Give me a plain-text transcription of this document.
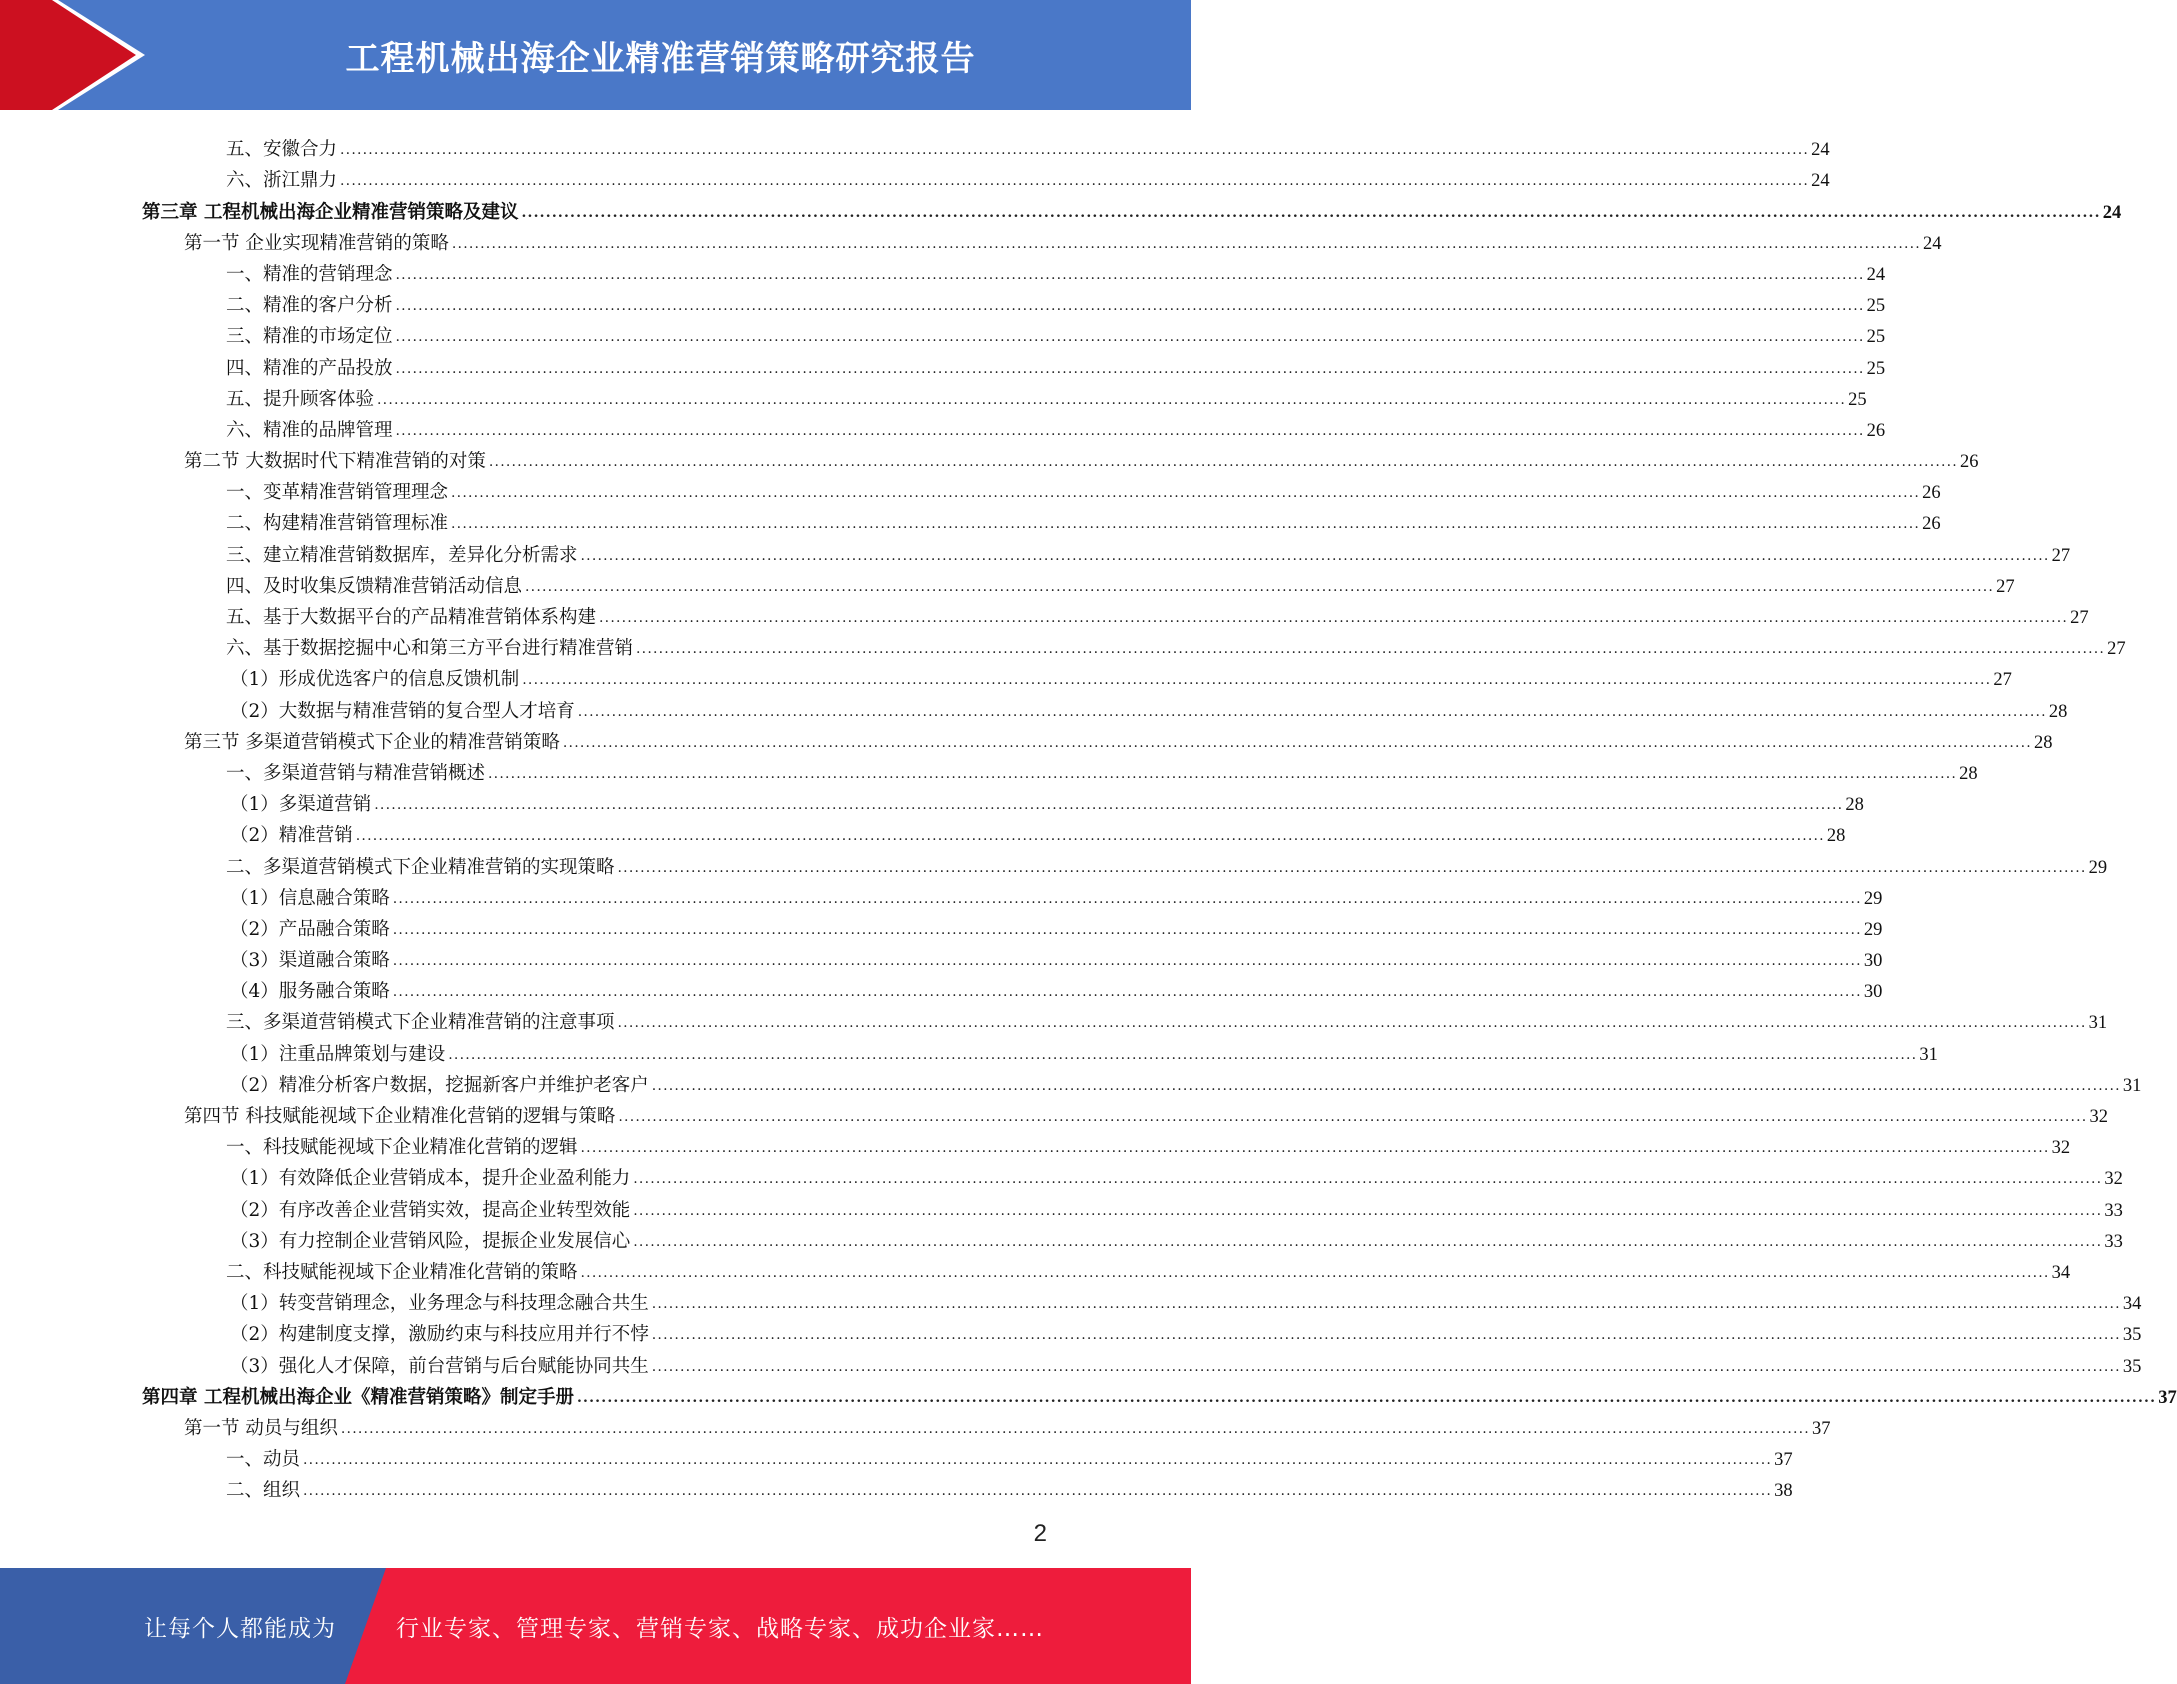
工程机械出海企业精准营销策略研究报告
五、安徽合力 .................................................................................................................................................................................................................................................................... 24
六、浙江鼎力 .................................................................................................................................................................................................................................................................... 24
第三章 工程机械出海企业精准营销策略及建议 .................................................................................................................................................................................................................................................................... 24
第一节 企业实现精准营销的策略 .................................................................................................................................................................................................................................................................... 24
一、精准的营销理念 .................................................................................................................................................................................................................................................................... 24
二、精准的客户分析 .................................................................................................................................................................................................................................................................... 25
三、精准的市场定位 .................................................................................................................................................................................................................................................................... 25
四、精准的产品投放 .................................................................................................................................................................................................................................................................... 25
五、提升顾客体验 .................................................................................................................................................................................................................................................................... 25
六、精准的品牌管理 .................................................................................................................................................................................................................................................................... 26
第二节 大数据时代下精准营销的对策 .................................................................................................................................................................................................................................................................... 26
一、变革精准营销管理理念 .................................................................................................................................................................................................................................................................... 26
二、构建精准营销管理标准 .................................................................................................................................................................................................................................................................... 26
三、建立精准营销数据库，差异化分析需求 .................................................................................................................................................................................................................................................................... 27
四、及时收集反馈精准营销活动信息 .................................................................................................................................................................................................................................................................... 27
五、基于大数据平台的产品精准营销体系构建 .................................................................................................................................................................................................................................................................... 27
六、基于数据挖掘中心和第三方平台进行精准营销 .................................................................................................................................................................................................................................................................... 27
（1）形成优选客户的信息反馈机制 .................................................................................................................................................................................................................................................................... 27
（2）大数据与精准营销的复合型人才培育 .................................................................................................................................................................................................................................................................... 28
第三节 多渠道营销模式下企业的精准营销策略 .................................................................................................................................................................................................................................................................... 28
一、多渠道营销与精准营销概述 .................................................................................................................................................................................................................................................................... 28
（1）多渠道营销 .................................................................................................................................................................................................................................................................... 28
（2）精准营销 .................................................................................................................................................................................................................................................................... 28
二、多渠道营销模式下企业精准营销的实现策略 .................................................................................................................................................................................................................................................................... 29
（1）信息融合策略 .................................................................................................................................................................................................................................................................... 29
（2）产品融合策略 .................................................................................................................................................................................................................................................................... 29
（3）渠道融合策略 .................................................................................................................................................................................................................................................................... 30
（4）服务融合策略 .................................................................................................................................................................................................................................................................... 30
三、多渠道营销模式下企业精准营销的注意事项 .................................................................................................................................................................................................................................................................... 31
（1）注重品牌策划与建设 .................................................................................................................................................................................................................................................................... 31
（2）精准分析客户数据，挖掘新客户并维护老客户 .................................................................................................................................................................................................................................................................... 31
第四节 科技赋能视域下企业精准化营销的逻辑与策略 .................................................................................................................................................................................................................................................................... 32
一、科技赋能视域下企业精准化营销的逻辑 .................................................................................................................................................................................................................................................................... 32
（1）有效降低企业营销成本，提升企业盈利能力 .................................................................................................................................................................................................................................................................... 32
（2）有序改善企业营销实效，提高企业转型效能 .................................................................................................................................................................................................................................................................... 33
（3）有力控制企业营销风险，提振企业发展信心 .................................................................................................................................................................................................................................................................... 33
二、科技赋能视域下企业精准化营销的策略 .................................................................................................................................................................................................................................................................... 34
（1）转变营销理念，业务理念与科技理念融合共生 .................................................................................................................................................................................................................................................................... 34
（2）构建制度支撑，激励约束与科技应用并行不悖 .................................................................................................................................................................................................................................................................... 35
（3）强化人才保障，前台营销与后台赋能协同共生 .................................................................................................................................................................................................................................................................... 35
第四章 工程机械出海企业《精准营销策略》制定手册 .................................................................................................................................................................................................................................................................... 37
第一节 动员与组织 .................................................................................................................................................................................................................................................................... 37
一、动员 .................................................................................................................................................................................................................................................................... 37
二、组织 .................................................................................................................................................................................................................................................................... 38
2
让每个人都能成为	行业专家、管理专家、营销专家、战略专家、成功企业家……
